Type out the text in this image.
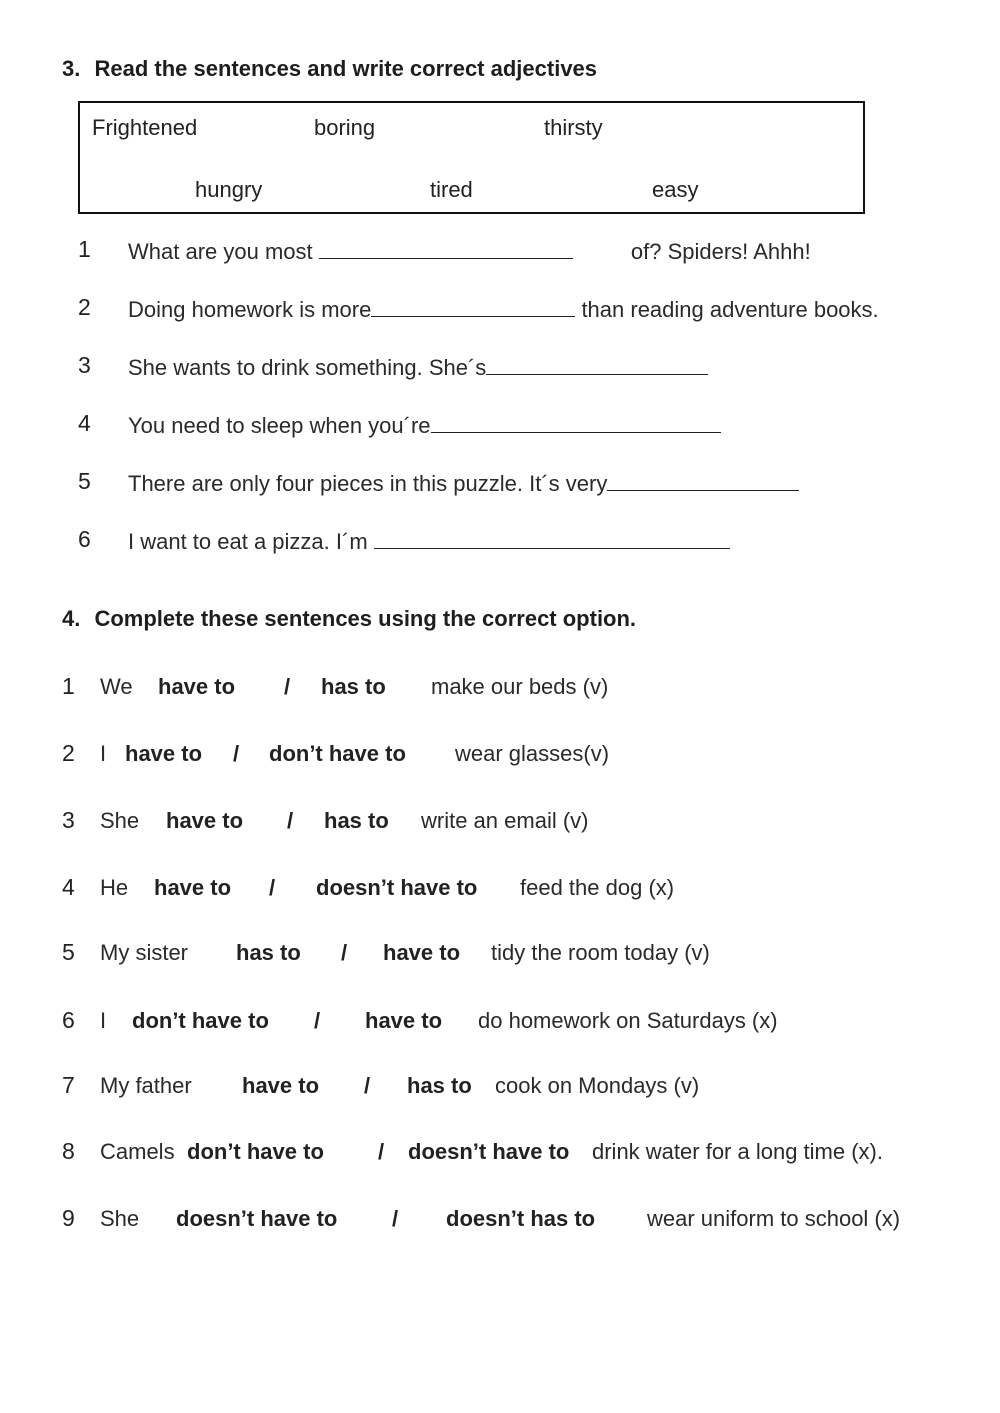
3. Read the sentences and write correct adjectives
Frightened	boring	thirsty
hungry	tired	easy
1 What are you most	of? Spiders! Ahhh!
2 Doing homework is more	than reading adventure books.
3 She wants to drink something. She´s
4 You need to sleep when you´re
5 There are only four pieces in this puzzle. It´s very
6 I want to eat a pizza. I´m
4. Complete these sentences using the correct option.
1 We have to / has to make our beds (v)
2 I have to / don’t have to wear glasses(v)
3 She have to / has to write an email (v)
4 He have to / doesn’t have to feed the dog (x)
5 My sister has to / have to tidy the room today (v)
6 I don’t have to / have to do homework on Saturdays (x)
7 My father have to / has to cook on Mondays (v)
8 Camels don’t have to / doesn’t have to drink water for a long time (x).
9 She doesn’t have to / doesn’t has to wear uniform to school (x)
